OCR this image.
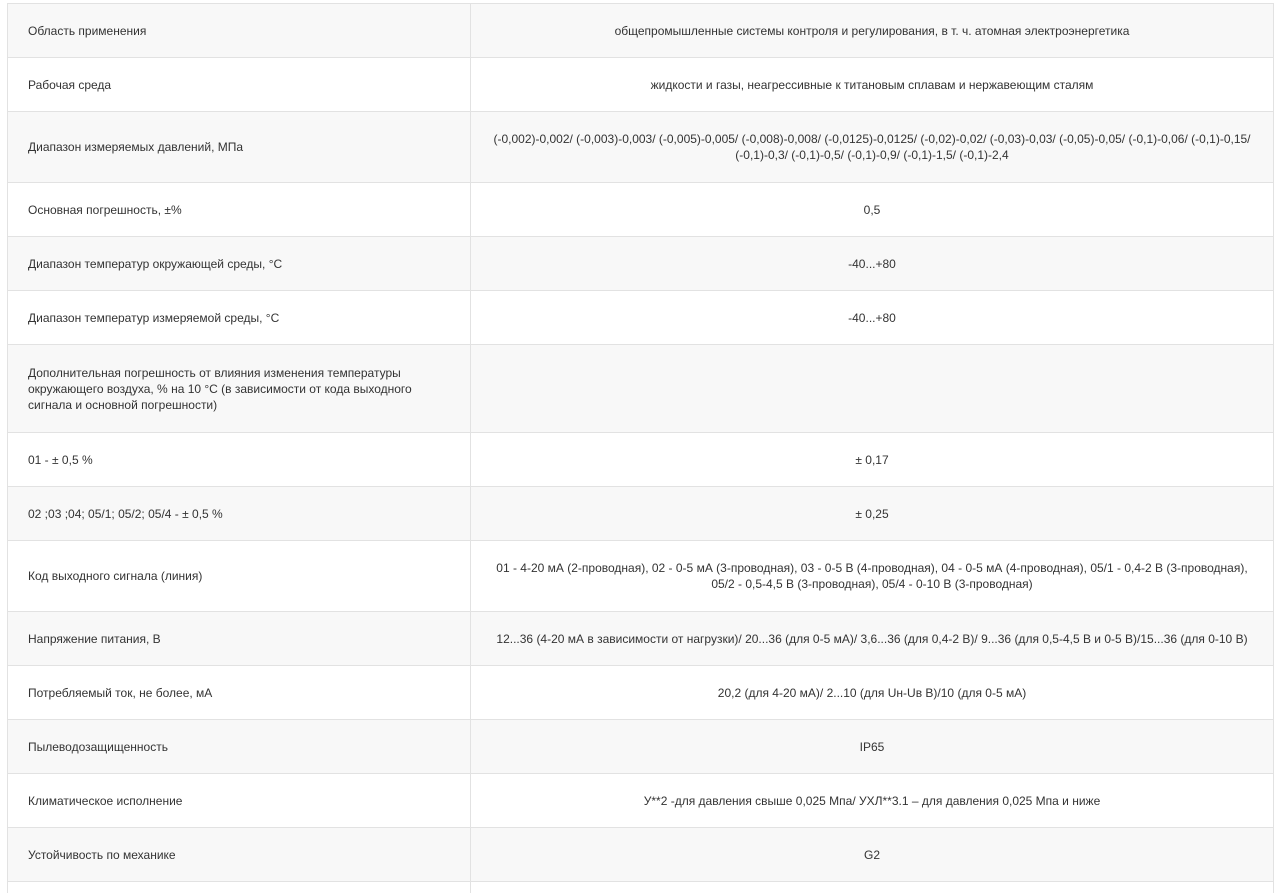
Область применения	общепромышленные системы контроля и регулирования, в т. ч. атомная электроэнергетика
Рабочая среда	жидкости и газы, неагрессивные к титановым сплавам и нержавеющим сталям
Диапазон измеряемых давлений, МПа	(-0,002)-0,002/ (-0,003)-0,003/ (-0,005)-0,005/ (-0,008)-0,008/ (-0,0125)-0,0125/ (-0,02)-0,02/ (-0,03)-0,03/ (-0,05)-0,05/ (-0,1)-0,06/ (-0,1)-0,15/ (-0,1)-0,3/ (-0,1)-0,5/ (-0,1)-0,9/ (-0,1)-1,5/ (-0,1)-2,4
Основная погрешность, ±%	0,5
Диапазон температур окружающей среды, °С	-40...+80
Диапазон температур измеряемой среды, °С	-40...+80
Дополнительная погрешность от влияния изменения температуры окружающего воздуха, % на 10 °С (в зависимости от кода выходного сигнала и основной погрешности)	
01 - ± 0,5 %	± 0,17
02 ;03 ;04; 05/1; 05/2; 05/4 - ± 0,5 %	± 0,25
Код выходного сигнала (линия)	01 - 4-20 мА (2-проводная), 02 - 0-5 мА (3-проводная), 03 - 0-5 В (4-проводная), 04 - 0-5 мА (4-проводная), 05/1 - 0,4-2 В (3-проводная), 05/2 - 0,5-4,5 В (3-проводная), 05/4 - 0-10 В (3-проводная)
Напряжение питания, В	12...36 (4-20 мА в зависимости от нагрузки)/ 20...36 (для 0-5 мА)/ 3,6...36 (для 0,4-2 В)/ 9...36 (для 0,5-4,5 В и 0-5 В)/15...36 (для 0-10 В)
Потребляемый ток, не более, мА	20,2 (для 4-20 мА)/ 2...10 (для Uн-Uв В)/10 (для 0-5 мА)
Пылеводозащищенность	IP65
Климатическое исполнение	У**2 -для давления свыше 0,025 Мпа/ УХЛ**3.1 – для давления 0,025 Мпа и ниже
Устойчивость по механике	G2
